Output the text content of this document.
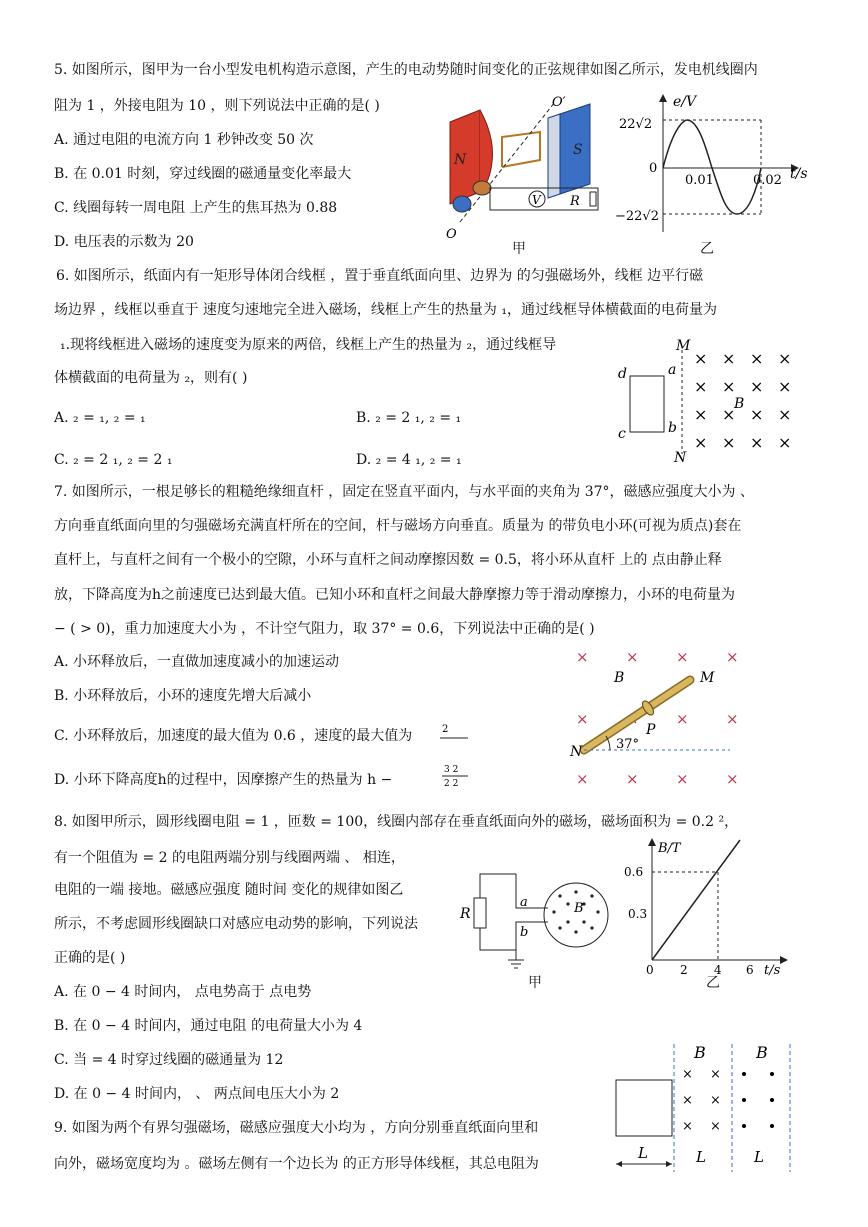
5. 如图所示，图甲为一台小型发电机构造示意图，产生的电动势随时间变化的正弦规律如图乙所示，发电机线圈内
阻为 1 ，外接电阻为 10 ，则下列说法中正确的是( )
A. 通过电阻的电流方向 1 秒钟改变 50 次
B. 在 0.01 时刻，穿过线圈的磁通量变化率最大
C. 线圈每转一周电阻 上产生的焦耳热为 0.88
D. 电压表的示数为 20
N
S
O′
O
V R
甲
e/V
t/s
22√2
−22√2
0
0.01	0.02
乙
6. 如图所示，纸面内有一矩形导体闭合线框 ，置于垂直纸面向里、边界为 的匀强磁场外，线框 边平行磁
场边界 ，线框以垂直于 速度匀速地完全进入磁场，线框上产生的热量为 ₁，通过线框导体横截面的电荷量为
₁.现将线框进入磁场的速度变为原来的两倍，线框上产生的热量为 ₂，通过线框导
体横截面的电荷量为 ₂，则有( )
A. ₂ = ₁, ₂ = ₁	B. ₂ = 2 ₁, ₂ = ₁
C. ₂ = 2 ₁, ₂ = 2 ₁	D. ₂ = 4 ₁, ₂ = ₁
M
N
d
c
a
b
B
×
×
×
×
×
×
×
×
×
×
×
×
×
×
×
×
7. 如图所示，一根足够长的粗糙绝缘细直杆 ，固定在竖直平面内，与水平面的夹角为 37°，磁感应强度大小为 、
方向垂直纸面向里的匀强磁场充满直杆所在的空间，杆与磁场方向垂直。质量为 的带负电小环(可视为质点)套在
直杆上，与直杆之间有一个极小的空隙，小环与直杆之间动摩擦因数 = 0.5，将小环从直杆 上的 点由静止释
放，下降高度为h之前速度已达到最大值。已知小环和直杆之间最大静摩擦力等于滑动摩擦力，小环的电荷量为
− ( > 0)，重力加速度大小为 ，不计空气阻力，取 37° = 0.6，下列说法中正确的是( )
A. 小环释放后，一直做加速度减小的加速运动
B. 小环释放后，小环的速度先增大后减小
C. 小环释放后，加速度的最大值为 0.6 ，速度的最大值为
D. 小环下降高度h的过程中，因摩擦产生的热量为 h −
2
3 2
2 2
× × × ×
×	× ×
× × × ×
37°
N
M
P
B
8. 如图甲所示，圆形线圈电阻 = 1 ，匝数 = 100，线圈内部存在垂直纸面向外的磁场，磁场面积为 = 0.2 ²，
有一个阻值为 = 2 的电阻两端分别与线圈两端 、 相连，
电阻的一端 接地。磁感应强度 随时间 变化的规律如图乙
所示，不考虑圆形线圈缺口对感应电动势的影响，下列说法
正确的是( )
A. 在 0 − 4 时间内， 点电势高于 点电势
B. 在 0 − 4 时间内，通过电阻 的电荷量大小为 4
C. 当 = 4 时穿过线圈的磁通量为 12
D. 在 0 − 4 时间内， 、 两点间电压大小为 2
R
a
b
B
甲
B/T
t/s
0.6
0.3
0 2 4 6
乙
9. 如图为两个有界匀强磁场，磁感应强度大小均为 ，方向分别垂直纸面向里和
向外，磁场宽度均为 。磁场左侧有一个边长为 的正方形导体线框，其总电阻为
B	B
× ×
× ×
× ×
L	L	L
